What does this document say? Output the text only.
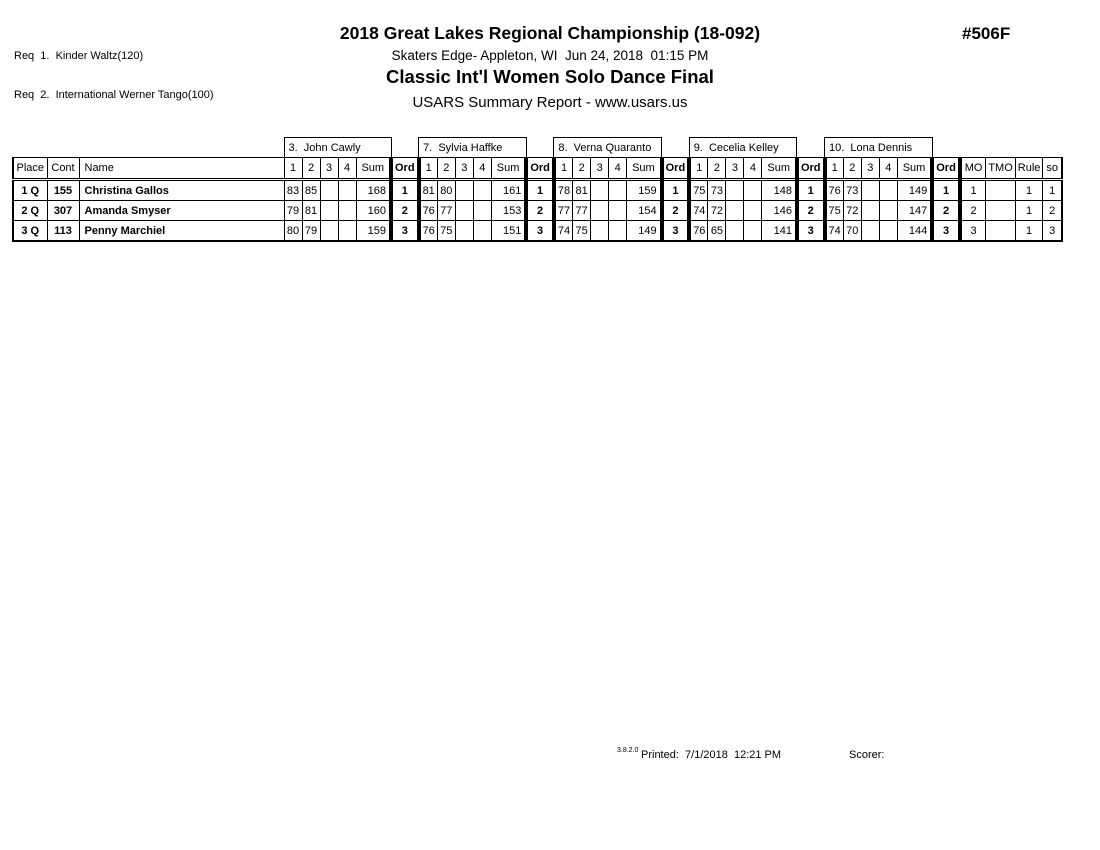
Req  1.  Kinder Waltz(120)

Req  2.  International Werner Tango(100)

2018 Great Lakes Regional Championship (18-092)
Skaters Edge- Appleton, WI  Jun 24, 2018  01:15 PM
Classic Int'l Women Solo Dance Final
USARS Summary Report - www.usars.us
#506F
			3.  John Cawly						7.  Sylvia Haffke						8.  Verna Quaranto						9.  Cecelia Kelley						10.  Lona Dennis									
Place	Cont	Name	1	2	3	4	Sum	Ord	1	2	3	4	Sum	Ord	1	2	3	4	Sum	Ord	1	2	3	4	Sum	Ord	1	2	3	4	Sum	Ord	MO	TMO	Rule	so
1 Q	155	Christina Gallos	83	85			168	1	81	80			161	1	78	81			159	1	75	73			148	1	76	73			149	1	1		1	1
2 Q	307	Amanda Smyser	79	81			160	2	76	77			153	2	77	77			154	2	74	72			146	2	75	72			147	2	2		1	2
3 Q	113	Penny Marchiel	80	79			159	3	76	75			151	3	74	75			149	3	76	65			141	3	74	70			144	3	3		1	3
3.8.2.0 Printed:  7/1/2018  12:21 PM	Scorer:
